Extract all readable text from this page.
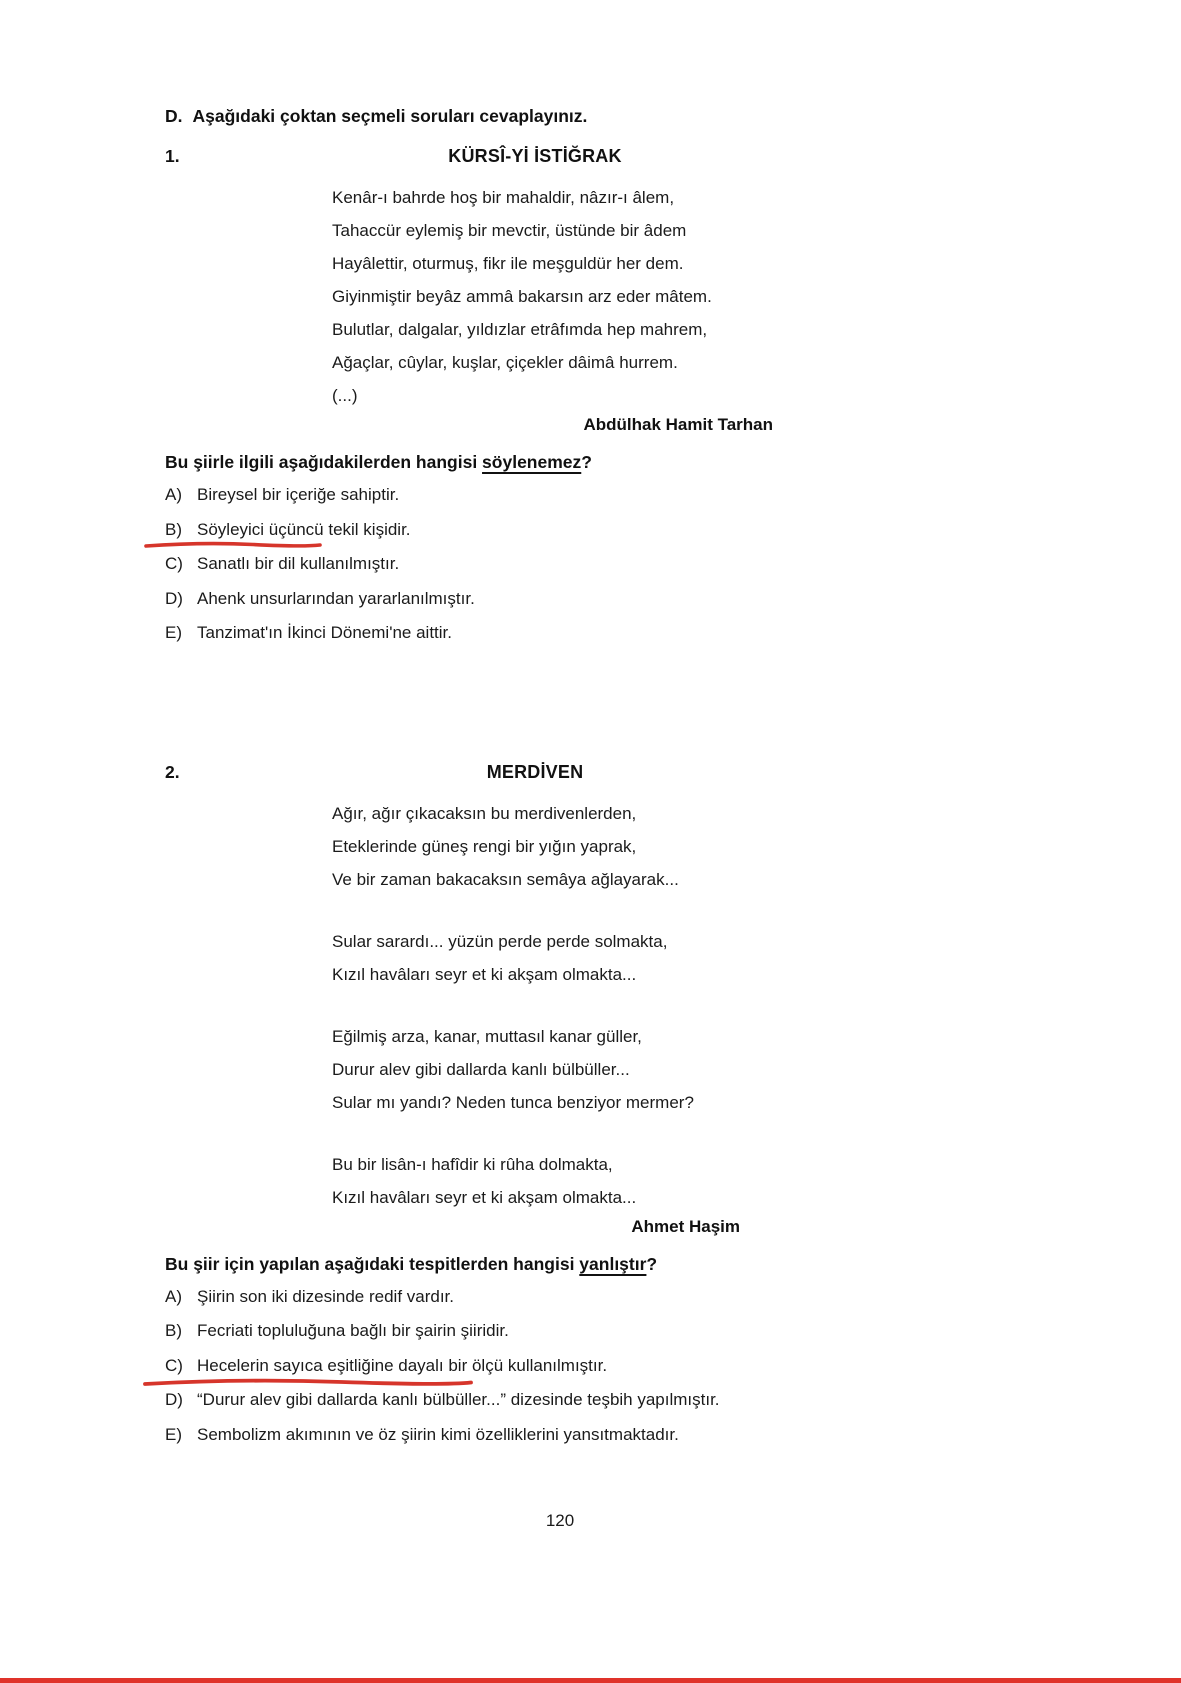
D. Aşağıdaki çoktan seçmeli soruları cevaplayınız.
1.	KÜRSÎ-Yİ İSTİĞRAK
Kenâr-ı bahrde hoş bir mahaldir, nâzır-ı âlem,
Tahaccür eylemiş bir mevctir, üstünde bir âdem
Hayâlettir, oturmuş, fikr ile meşguldür her dem.
Giyinmiştir beyâz ammâ bakarsın arz eder mâtem.
Bulutlar, dalgalar, yıldızlar etrâfımda hep mahrem,
Ağaçlar, cûylar, kuşlar, çiçekler dâimâ hurrem.
(...)
Abdülhak Hamit Tarhan
Bu şiirle ilgili aşağıdakilerden hangisi söylenemez?
A) Bireysel bir içeriğe sahiptir.
B) Söyleyici üçüncü tekil kişidir.
C) Sanatlı bir dil kullanılmıştır.
D) Ahenk unsurlarından yararlanılmıştır.
E) Tanzimat'ın İkinci Dönemi'ne aittir.
2.	MERDİVEN
Ağır, ağır çıkacaksın bu merdivenlerden,
Eteklerinde güneş rengi bir yığın yaprak,
Ve bir zaman bakacaksın semâya ağlayarak...
Sular sarardı... yüzün perde perde solmakta,
Kızıl havâları seyr et ki akşam olmakta...
Eğilmiş arza, kanar, muttasıl kanar güller,
Durur alev gibi dallarda kanlı bülbüller...
Sular mı yandı? Neden tunca benziyor mermer?
Bu bir lisân-ı hafîdir ki rûha dolmakta,
Kızıl havâları seyr et ki akşam olmakta...
Ahmet Haşim
Bu şiir için yapılan aşağıdaki tespitlerden hangisi yanlıştır?
A) Şiirin son iki dizesinde redif vardır.
B) Fecriati topluluğuna bağlı bir şairin şiiridir.
C) Hecelerin sayıca eşitliğine dayalı bir ölçü kullanılmıştır.
D) “Durur alev gibi dallarda kanlı bülbüller...” dizesinde teşbih yapılmıştır.
E) Sembolizm akımının ve öz şiirin kimi özelliklerini yansıtmaktadır.
120
